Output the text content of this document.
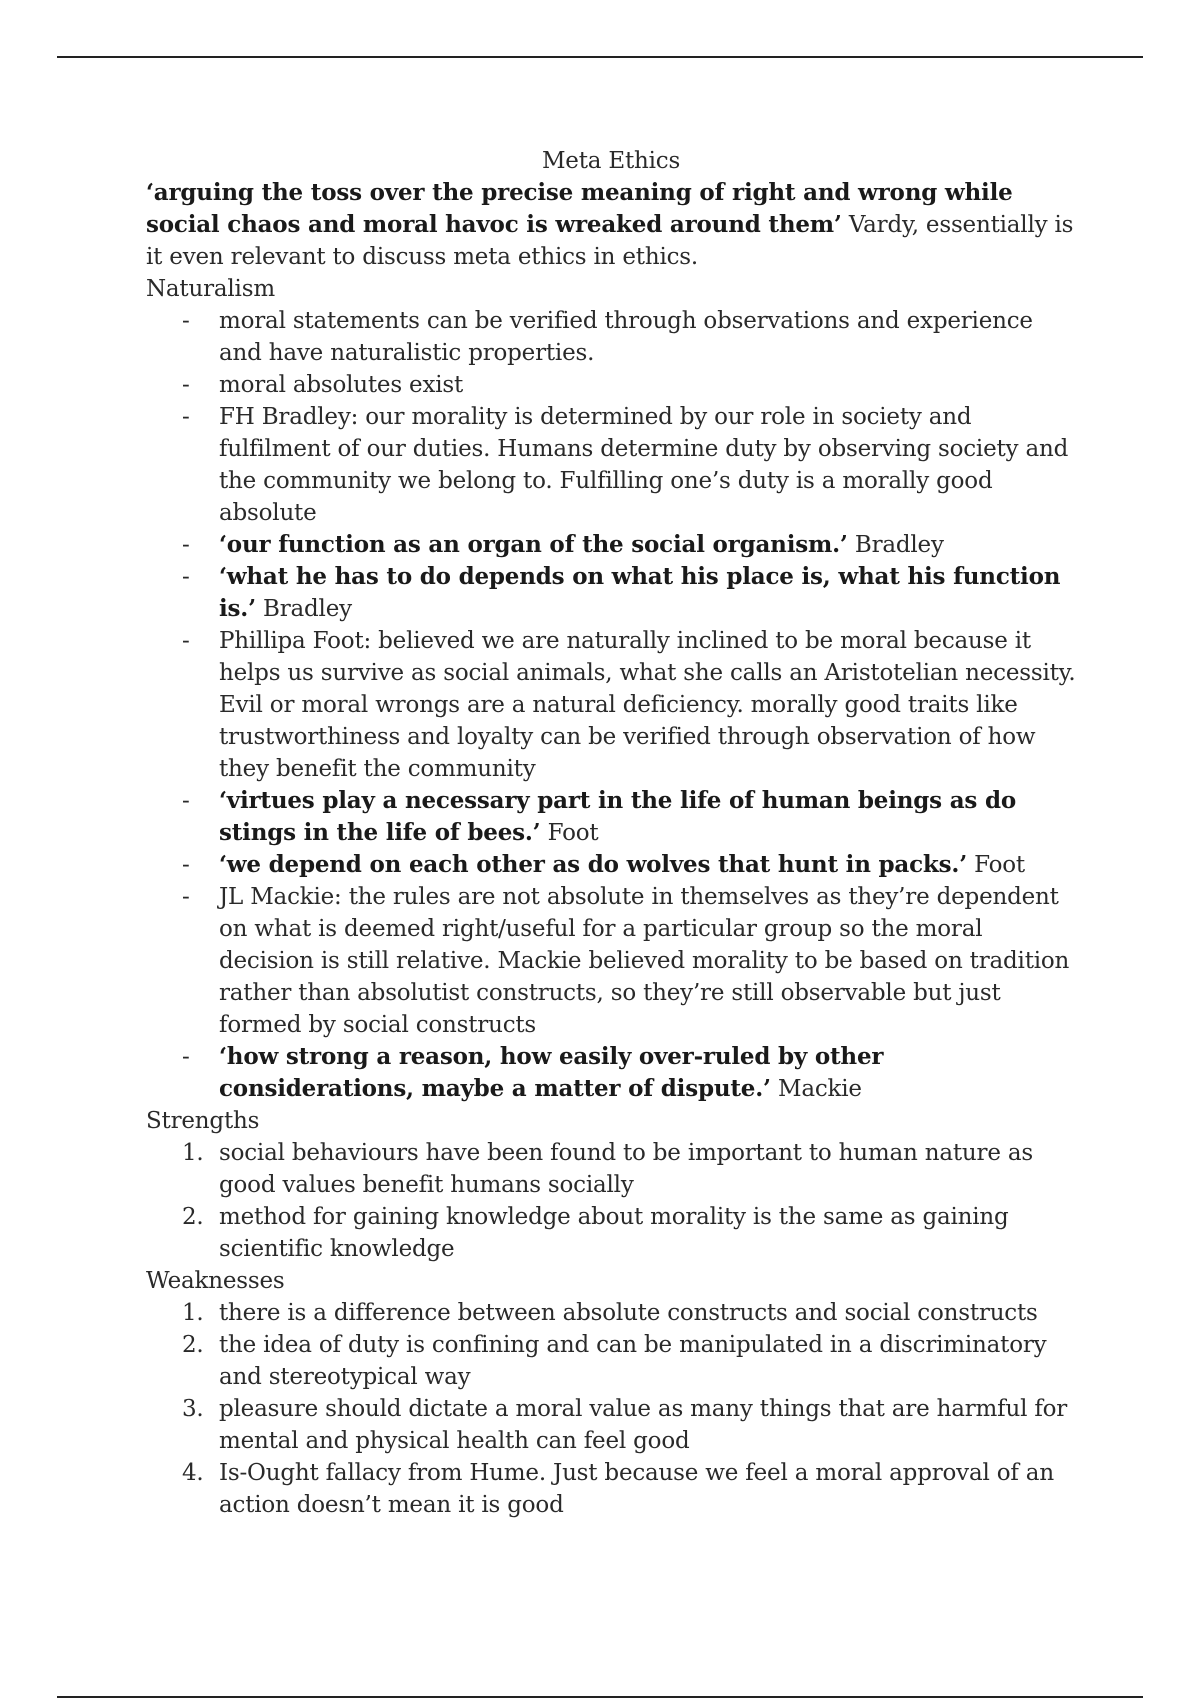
Meta Ethics

‘arguing the toss over the precise meaning of right and wrong while social chaos and moral havoc is wreaked around them’ Vardy, essentially is it even relevant to discuss meta ethics in ethics.

Naturalism
- moral statements can be verified through observations and experience and have naturalistic properties.
- moral absolutes exist
- FH Bradley: our morality is determined by our role in society and fulfilment of our duties. Humans determine duty by observing society and the community we belong to. Fulfilling one’s duty is a morally good absolute
- ‘our function as an organ of the social organism.’ Bradley
- ‘what he has to do depends on what his place is, what his function is.’ Bradley
- Phillipa Foot: believed we are naturally inclined to be moral because it helps us survive as social animals, what she calls an Aristotelian necessity. Evil or moral wrongs are a natural deficiency. morally good traits like trustworthiness and loyalty can be verified through observation of how they benefit the community
- ‘virtues play a necessary part in the life of human beings as do stings in the life of bees.’ Foot
- ‘we depend on each other as do wolves that hunt in packs.’ Foot
- JL Mackie: the rules are not absolute in themselves as they’re dependent on what is deemed right/useful for a particular group so the moral decision is still relative. Mackie believed morality to be based on tradition rather than absolutist constructs, so they’re still observable but just formed by social constructs
- ‘how strong a reason, how easily over-ruled by other considerations, maybe a matter of dispute.’ Mackie
Strengths
1. social behaviours have been found to be important to human nature as good values benefit humans socially
2. method for gaining knowledge about morality is the same as gaining scientific knowledge
Weaknesses
1. there is a difference between absolute constructs and social constructs
2. the idea of duty is confining and can be manipulated in a discriminatory and stereotypical way
3. pleasure should dictate a moral value as many things that are harmful for mental and physical health can feel good
4. Is-Ought fallacy from Hume. Just because we feel a moral approval of an action doesn’t mean it is good
